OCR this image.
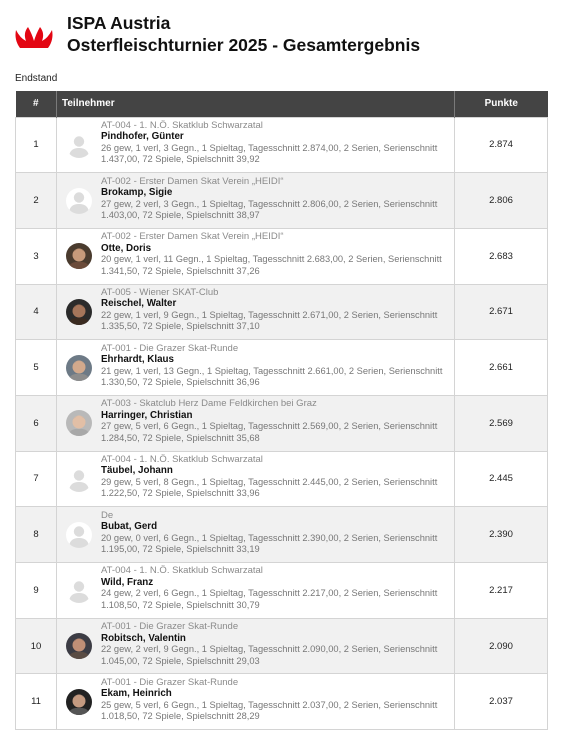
ISPA Austria
Osterfleischturnier 2025 - Gesamtergebnis
Endstand
#	Teilnehmer	Punkte
1	AT-004 - 1. N.Ö. Skatklub Schwarzatal
Pindhofer, Günter
26 gew, 1 verl, 3 Gegn., 1 Spieltag, Tagesschnitt 2.874,00, 2 Serien, Serienschnitt 1.437,00, 72 Spiele, Spielschnitt 39,92	2.874
2	AT-002 - Erster Damen Skat Verein „HEIDI“
Brokamp, Sigie
27 gew, 2 verl, 3 Gegn., 1 Spieltag, Tagesschnitt 2.806,00, 2 Serien, Serienschnitt 1.403,00, 72 Spiele, Spielschnitt 38,97	2.806
3	AT-002 - Erster Damen Skat Verein „HEIDI“
Otte, Doris
20 gew, 1 verl, 11 Gegn., 1 Spieltag, Tagesschnitt 2.683,00, 2 Serien, Serienschnitt 1.341,50, 72 Spiele, Spielschnitt 37,26	2.683
4	AT-005 - Wiener SKAT-Club
Reischel, Walter
22 gew, 1 verl, 9 Gegn., 1 Spieltag, Tagesschnitt 2.671,00, 2 Serien, Serienschnitt 1.335,50, 72 Spiele, Spielschnitt 37,10	2.671
5	AT-001 - Die Grazer Skat-Runde
Ehrhardt, Klaus
21 gew, 1 verl, 13 Gegn., 1 Spieltag, Tagesschnitt 2.661,00, 2 Serien, Serienschnitt 1.330,50, 72 Spiele, Spielschnitt 36,96	2.661
6	AT-003 - Skatclub Herz Dame Feldkirchen bei Graz
Harringer, Christian
27 gew, 5 verl, 6 Gegn., 1 Spieltag, Tagesschnitt 2.569,00, 2 Serien, Serienschnitt 1.284,50, 72 Spiele, Spielschnitt 35,68	2.569
7	AT-004 - 1. N.Ö. Skatklub Schwarzatal
Täubel, Johann
29 gew, 5 verl, 8 Gegn., 1 Spieltag, Tagesschnitt 2.445,00, 2 Serien, Serienschnitt 1.222,50, 72 Spiele, Spielschnitt 33,96	2.445
8	De
Bubat, Gerd
20 gew, 0 verl, 6 Gegn., 1 Spieltag, Tagesschnitt 2.390,00, 2 Serien, Serienschnitt 1.195,00, 72 Spiele, Spielschnitt 33,19	2.390
9	AT-004 - 1. N.Ö. Skatklub Schwarzatal
Wild, Franz
24 gew, 2 verl, 6 Gegn., 1 Spieltag, Tagesschnitt 2.217,00, 2 Serien, Serienschnitt 1.108,50, 72 Spiele, Spielschnitt 30,79	2.217
10	AT-001 - Die Grazer Skat-Runde
Robitsch, Valentin
22 gew, 2 verl, 9 Gegn., 1 Spieltag, Tagesschnitt 2.090,00, 2 Serien, Serienschnitt 1.045,00, 72 Spiele, Spielschnitt 29,03	2.090
11	AT-001 - Die Grazer Skat-Runde
Ekam, Heinrich
25 gew, 5 verl, 6 Gegn., 1 Spieltag, Tagesschnitt 2.037,00, 2 Serien, Serienschnitt 1.018,50, 72 Spiele, Spielschnitt 28,29	2.037
